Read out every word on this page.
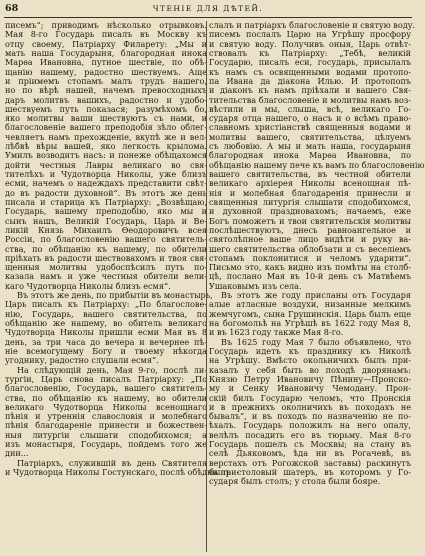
68	ЧТЕНІЕ ДЛЯ ДѢТЕЙ.
писемъ“; приводимъ нѣсколько отрывковъ.
Мая 8-го Государь писалъ въ Москву къ
отцу своему, Патріарху Филарету: „Мы и
мать наша Государыня, благородная инока
Марѳа Ивановна, путное шествіе, по обѣ-
щанію нашему, радостно шествуемъ. Аще
и пріимемъ стопамъ малъ трудъ нашего,
но по вѣрѣ нашей, начемъ превосходныхъ
даръ молитвъ вашихъ, радостно и удобо-
шествуемъ путь показася; разумѣхомъ бо,
яко молитвы ваши шествуютъ съ нами, и
благословеніе вашего преподобія зѣло облег-
чевляетъ намъ прехожденіе, вкупѣ же и вел-
лѣбвѣ вѣры вашей, яко легкость крылома.
Умилъ возводитъ насъ: и понеже обѣщахомся
дойти честныя Лавры великаго во свя-
тителѣхъ и Чудотворца Николы, уже близъ
есми, начемъ о надеждахъ представити свѣт-
до въ радости духовной“. Въ этотъ же день
писала и старица къ Патріарху: „Возвѣщаю,
Государь, вашему преподобію, яко мы и
сынъ нашъ, Великій Государь, Царь и Ве-
ликій Князь Михаилъ Ѳеодоровичъ всея
Россіи, по благословенію вашего святитель-
ства, по обѣщанію къ нашему, по обители
пріѣхать въ радости шествовахомъ и твоя свя-
щенныя молитвы удобоспѣсилъ путь по-
казала намъ и уже честныя обители вели-
каго Чудотворца Николы близъ есмя“.
Въ этотъ же день, по прибытіи въ монастырь,
Царь писалъ къ Патріарху: „По благослове-
нію, Государь, вашего святительства, по
обѣщанію же нашему, во обитель великаго
Чудотворца Николы пришли есми Мая въ 8
день, за три часа до вечера и вечернее пѣ-
ніе всемогущему Богу и твоему нѣкогда
угоднику, радостно слушали есмя“.
На слѣдующій день, Мая 9-го, послѣ ли-
тургіи, Царь снова писалъ Патріарху: „По
благословенію, Государь, вашего святитель-
ства, по обѣщанію къ нашему, во обители
великаго Чудотворца Николы всенощнаго
пѣнія и утреннія славословія и молебнаго
пѣнія благодареніе принести и божествен-
ныя литургіи слышати сподобихомся; а
изъ монастыря, Государь, пойдемъ того же
дни...
Патріархъ, служившій въ день Святителя
и Чудотворца Николы Гостунскаго, послѣ обѣдни при-
слалъ и патріархъ благословеніе и святую воду.
писемъ послалъ Царю на Угрѣшу просфору
и святую воду. Получивъ оныя, Царь отвѣт-
ствовалъ къ Патріарху: „Тебѣ, великій
Государю, писалъ еси, государь, присылалъ
къ намъ съ освященными водами протопо-
па Ивана да діакона Илью. И протопопъ
и діаконъ къ намъ пріѣхали и вашего Свя-
тительства благословеніе и молитвы намъ воз-
вѣстили и мы, слыша, всѣ, великаго Го-
сударя отца нашего, о насъ и о всѣмъ право-
славномъ христіанствѣ священныя водами и
молитвы вашего, святительства, цѣлуемъ
съ любовію. А мы и мать наша, государыня
благородная инока Марѳа Ивановна, по
обѣщанію нашему пече къ вамъ по благословенію
вашего святительства, въ честной обители
великаго архіерея Николы всенощная пѣ-
нія и молебная благодаренія принесли и
священныя литургія слышати сподобихомся,
и духовной праздновахомъ; начаемъ, еже
Богъ поможетъ и твои святительскія молитвы
послѣшествуютъ, днесь равноангельное и
святолѣпное ваше лицо видѣти и руку ва-
шего святительства облобзати и съ веселіемъ
стопамъ поклонитися и челомъ ударити“.
Письмо это, какъ видно изъ помѣты на столб-
цѣ, послано Мая въ 10-й день съ Матвѣемъ
Ушаковымъ изъ села.
Въ этотъ же году присланы отъ Государя
алые атласные воздухи, низанные мелкимъ
жемчугомъ, сына Грушинскія. Царь былъ еще
на богомольѣ на Угрѣшѣ въ 1622 году Мая 8,
и въ 1623 году также Мая 8-го.
Въ 1625 году Мая 7 было объявлено, что
Государь идетъ къ празднику къ Николѣ
на Угрѣшу. Вмѣсто окольничихъ былъ при-
казалъ у себя быть во походѣ дворянамъ:
Князю Петру Ивановичу Пѣнину—Пронско-
му и Сенку Ивановичу Чемодану. Прон-
скій билъ Государю челомъ, что Пронскія
и в прежнихъ околничихъ въ походахъ не
бывалъ“, и въ походъ по назначенію не по-
ѣхалъ. Государь положилъ на него опалу,
велѣлъ посадить его въ тюрьму. Мая 8-го
Государь пошелъ съ Москвы; на стану въ
селѣ Дьяковомъ, ѣда ни въ Рогачевѣ, въ
верстахъ отъ Рогожской заставы) раскинутъ
былъ столовый шатеръ, въ которомъ у Го-
сударя былъ столъ; у стола были бояре.
